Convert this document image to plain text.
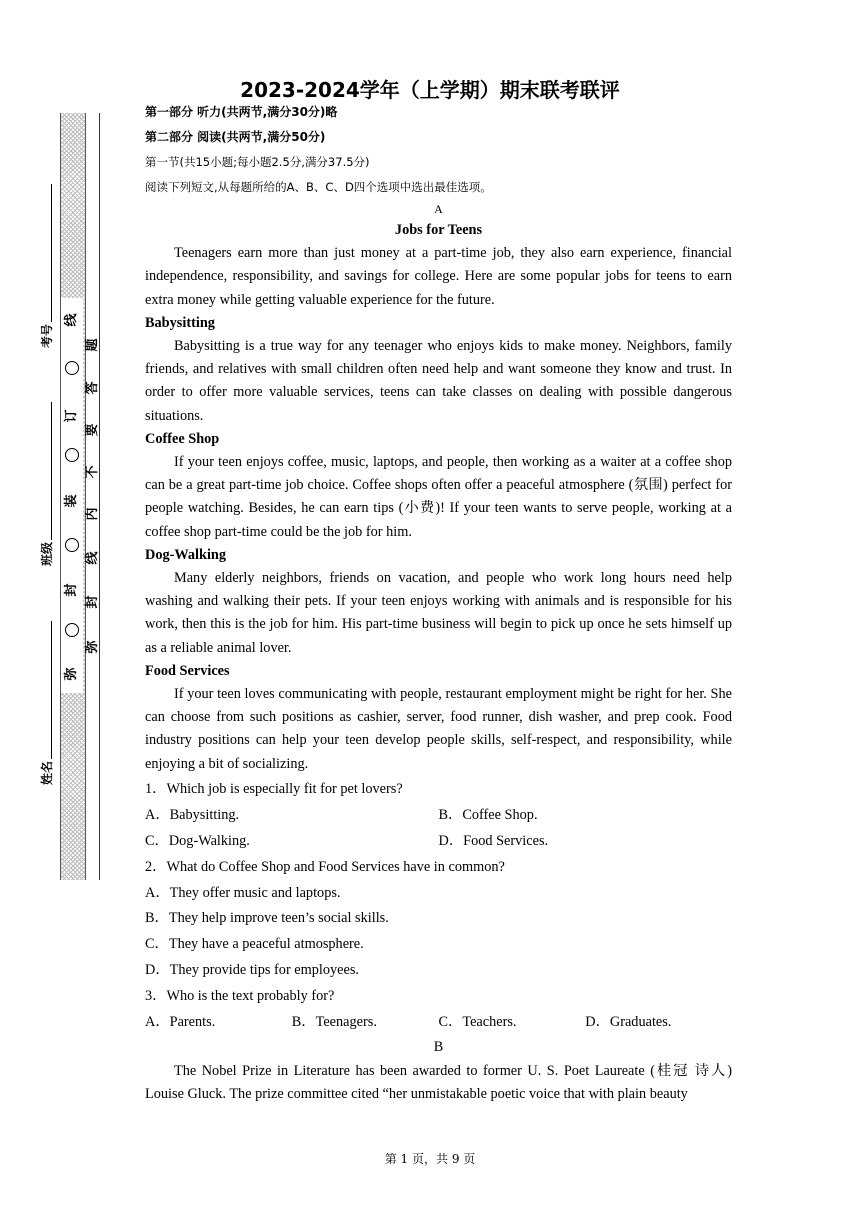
线
订
装
封
弥
题
答
要
不
内
线
封
弥
考号
班级
姓名
2023-2024学年（上学期）期末联考联评
第一部分 听力(共两节,满分30分)略
第二部分 阅读(共两节,满分50分)
第一节(共15小题;每小题2.5分,满分37.5分)
阅读下列短文,从每题所给的A、B、C、D四个选项中选出最佳选项。
A
Jobs for Teens
Teenagers earn more than just money at a part-time job, they also earn experience, financial independence, responsibility, and savings for college. Here are some popular jobs for teens to earn extra money while getting valuable experience for the future.
Babysitting
Babysitting is a true way for any teenager who enjoys kids to make money. Neighbors, family friends, and relatives with small children often need help and want someone they know and trust. In order to offer more valuable services, teens can take classes on dealing with possible dangerous situations.
Coffee Shop
If your teen enjoys coffee, music, laptops, and people, then working as a waiter at a coffee shop can be a great part-time job choice. Coffee shops often offer a peaceful atmosphere (氛围) perfect for people watching. Besides, he can earn tips (小费)! If your teen wants to serve people, working at a coffee shop part-time could be the job for him.
Dog-Walking
Many elderly neighbors, friends on vacation, and people who work long hours need help washing and walking their pets. If your teen enjoys working with animals and is responsible for his work, then this is the job for him. His part-time business will begin to pick up once he sets himself up as a reliable animal lover.
Food Services
If your teen loves communicating with people, restaurant employment might be right for her. She can choose from such positions as cashier, server, food runner, dish washer, and prep cook. Food industry positions can help your teen develop people skills, self-respect, and responsibility, while enjoying a bit of socializing.
1．Which job is especially fit for pet lovers?
A．Babysitting.	B．Coffee Shop.
C．Dog-Walking.	D．Food Services.
2．What do Coffee Shop and Food Services have in common?
A．They offer music and laptops.
B．They help improve teen’s social skills.
C．They have a peaceful atmosphere.
D．They provide tips for employees.
3．Who is the text probably for?
A．Parents.	B．Teenagers.	C．Teachers.	D．Graduates.
B
The Nobel Prize in Literature has been awarded to former U. S. Poet Laureate (桂冠 诗人) Louise Gluck. The prize committee cited “her unmistakable poetic voice that with plain beauty
第 1 页，共 9 页
